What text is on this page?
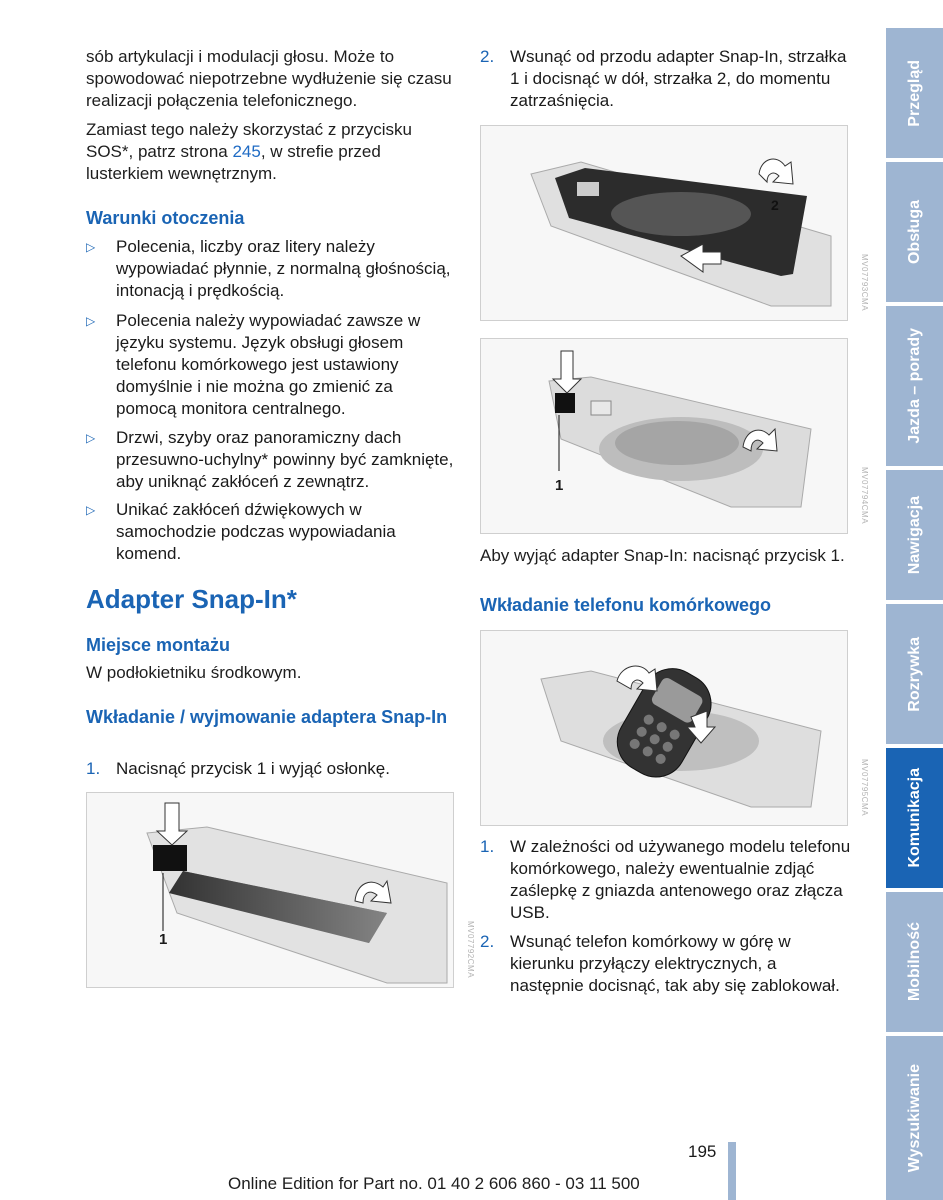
sób artykulacji i modulacji głosu. Może to spowodować niepotrzebne wydłużenie się czasu realizacji połączenia telefonicznego.

Zamiast tego należy skorzystać z przycisku SOS*, patrz strona 245, w strefie przed lusterkiem wewnętrznym.

Warunki otoczenia
▷ Polecenia, liczby oraz litery należy wypowiadać płynnie, z normalną głośnością, intonacją i prędkością.
▷ Polecenia należy wypowiadać zawsze w języku systemu. Język obsługi głosem telefonu komórkowego jest ustawiony domyślnie i nie można go zmienić za pomocą monitora centralnego.
▷ Drzwi, szyby oraz panoramiczny dach przesuwno-uchylny* powinny być zamknięte, aby uniknąć zakłóceń z zewnątrz.
▷ Unikać zakłóceń dźwiękowych w samochodzie podczas wypowiadania komend.
Adapter Snap-In*
Miejsce montażu

W podłokietniku środkowym.

Wkładanie / wyjmowanie adaptera Snap-In
1. Nacisnąć przycisk 1 i wyjąć osłonkę.
1	MV07792CMA
2. Wsunąć od przodu adapter Snap-In, strzałka 1 i docisnąć w dół, strzałka 2, do momentu zatrzaśnięcia.

Aby wyjąć adapter Snap-In: nacisnąć przycisk 1.

Wkładanie telefonu komórkowego
1. W zależności od używanego modelu telefonu komórkowego, należy ewentualnie zdjąć zaślepkę z gniazda antenowego oraz złącza USB.
2. Wsunąć telefon komórkowy w górę w kierunku przyłączy elektrycznych, a następnie docisnąć, tak aby się zablokował.
2
MV07793CMA
1	MV07794CMA
MV07795CMA
Przegląd
Obsługa
Jazda – porady
Nawigacja
Rozrywka
Komunikacja
Mobilność
Wyszukiwanie
195
Online Edition for Part no. 01 40 2 606 860 - 03 11 500
